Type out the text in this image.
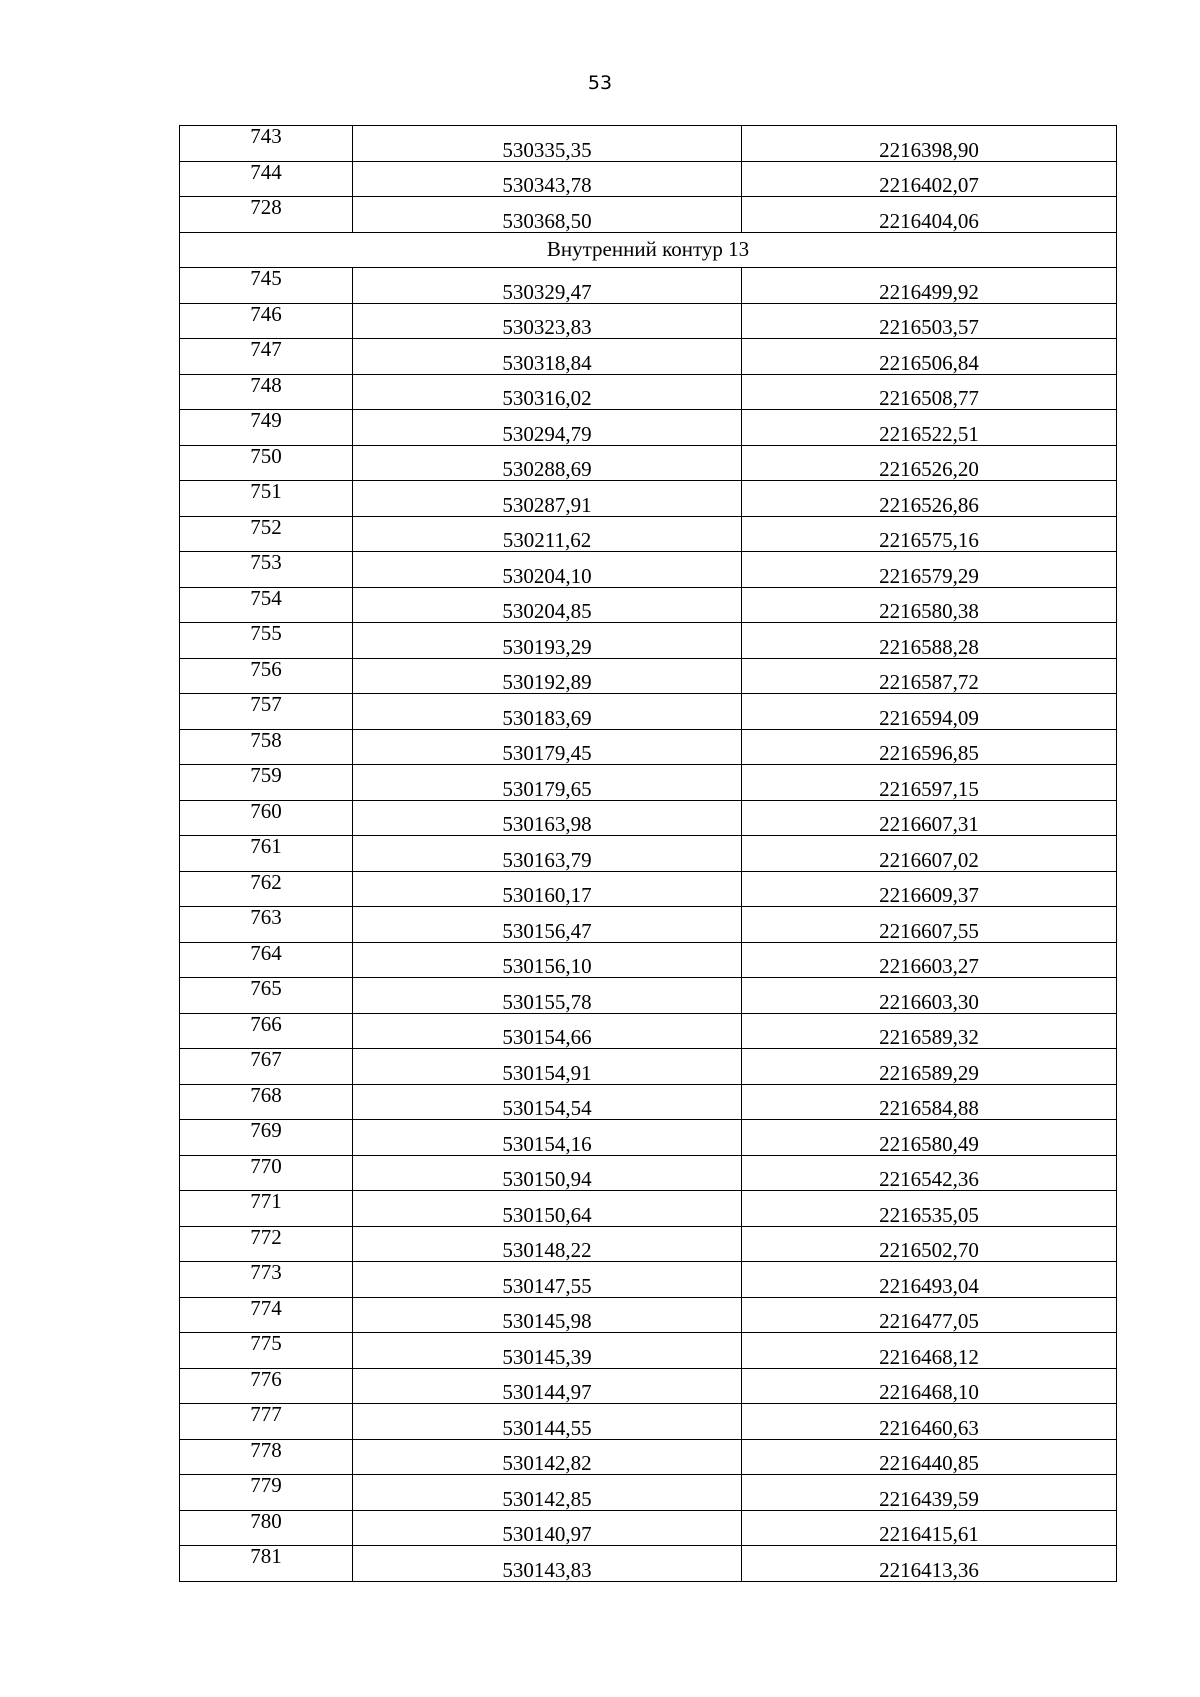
53
743	530335,35	2216398,90
744	530343,78	2216402,07
728	530368,50	2216404,06
Внутренний контур 13		
745	530329,47	2216499,92
746	530323,83	2216503,57
747	530318,84	2216506,84
748	530316,02	2216508,77
749	530294,79	2216522,51
750	530288,69	2216526,20
751	530287,91	2216526,86
752	530211,62	2216575,16
753	530204,10	2216579,29
754	530204,85	2216580,38
755	530193,29	2216588,28
756	530192,89	2216587,72
757	530183,69	2216594,09
758	530179,45	2216596,85
759	530179,65	2216597,15
760	530163,98	2216607,31
761	530163,79	2216607,02
762	530160,17	2216609,37
763	530156,47	2216607,55
764	530156,10	2216603,27
765	530155,78	2216603,30
766	530154,66	2216589,32
767	530154,91	2216589,29
768	530154,54	2216584,88
769	530154,16	2216580,49
770	530150,94	2216542,36
771	530150,64	2216535,05
772	530148,22	2216502,70
773	530147,55	2216493,04
774	530145,98	2216477,05
775	530145,39	2216468,12
776	530144,97	2216468,10
777	530144,55	2216460,63
778	530142,82	2216440,85
779	530142,85	2216439,59
780	530140,97	2216415,61
781	530143,83	2216413,36
